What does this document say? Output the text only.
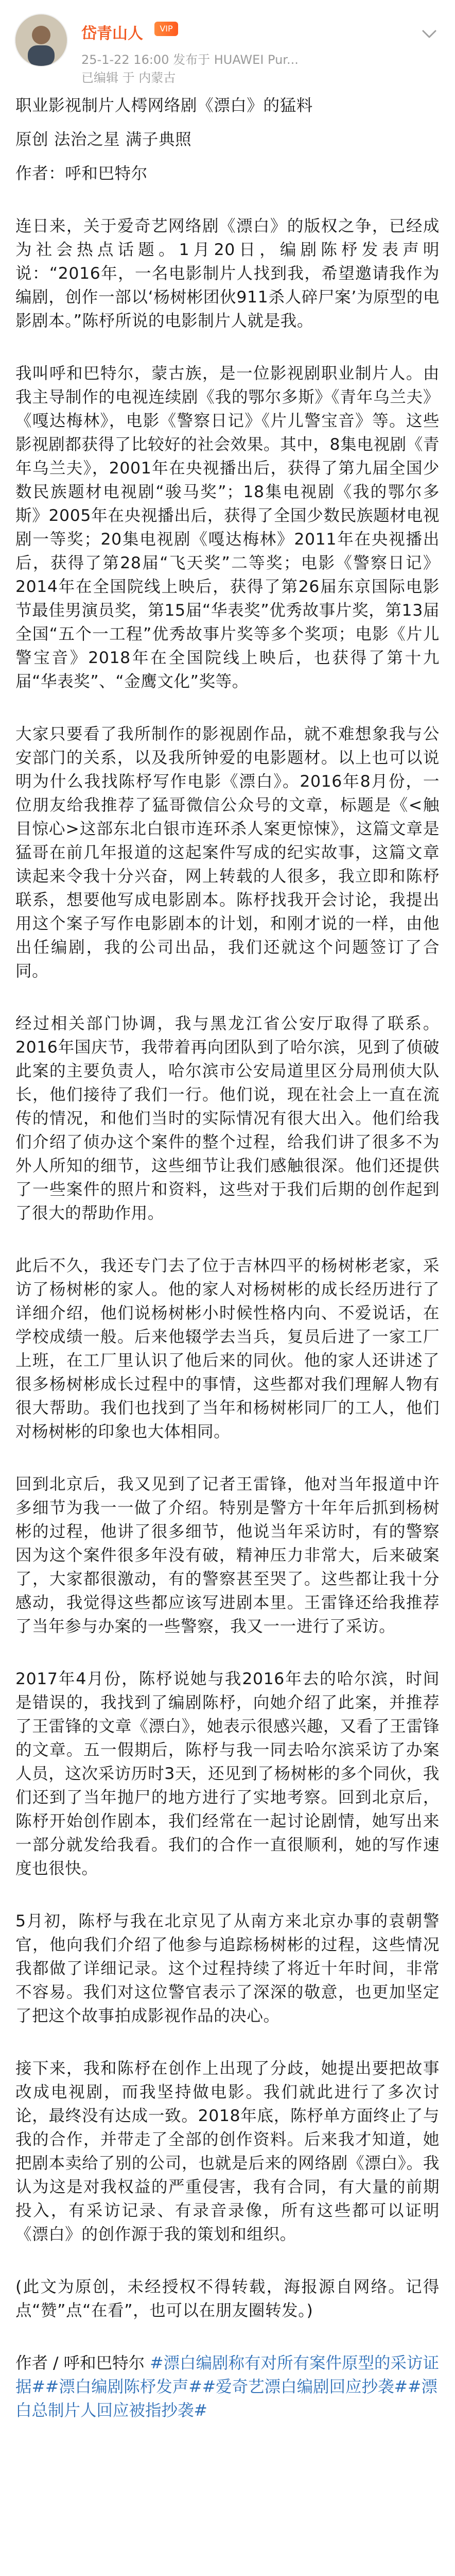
岱青山人	VIP
25-1-22 16:00 发布于 HUAWEI Pur...
已编辑 于 内蒙古

职业影视制片人樗网络剧《漂白》的猛料

原创 法治之星 满子典照

作者：呼和巴特尔

连日来，关于爱奇艺网络剧《漂白》的版权之争，已经成为社会热点话题。1月20日，编剧陈杼发表声明说：“2016年，一名电影制片人找到我，希望邀请我作为编剧，创作一部以‘杨树彬团伙911杀人碎尸案’为原型的电影剧本。”陈杼所说的电影制片人就是我。

我叫呼和巴特尔，蒙古族，是一位影视剧职业制片人。由我主导制作的电视连续剧《我的鄂尔多斯》《青年乌兰夫》《嘎达梅林》，电影《警察日记》《片儿警宝音》等。这些影视剧都获得了比较好的社会效果。其中，8集电视剧《青年乌兰夫》，2001年在央视播出后，获得了第九届全国少数民族题材电视剧“骏马奖”；18集电视剧《我的鄂尔多斯》2005年在央视播出后，获得了全国少数民族题材电视剧一等奖；20集电视剧《嘎达梅林》2011年在央视播出后，获得了第28届“飞天奖”二等奖；电影《警察日记》2014年在全国院线上映后，获得了第26届东京国际电影节最佳男演员奖，第15届“华表奖”优秀故事片奖，第13届全国“五个一工程”优秀故事片奖等多个奖项；电影《片儿警宝音》2018年在全国院线上映后，也获得了第十九届“华表奖”、“金鹰文化”奖等。

大家只要看了我所制作的影视剧作品，就不难想象我与公安部门的关系，以及我所钟爱的电影题材。以上也可以说明为什么我找陈杼写作电影《漂白》。2016年8月份，一位朋友给我推荐了猛哥微信公众号的文章，标题是《<触目惊心>这部东北白银市连环杀人案更惊悚》，这篇文章是猛哥在前几年报道的这起案件写成的纪实故事，这篇文章读起来令我十分兴奋，网上转载的人很多，我立即和陈杼联系，想要他写成电影剧本。陈杼找我开会讨论，我提出用这个案子写作电影剧本的计划，和刚才说的一样，由他出任编剧，我的公司出品，我们还就这个问题签订了合同。

经过相关部门协调，我与黑龙江省公安厅取得了联系。2016年国庆节，我带着再向团队到了哈尔滨，见到了侦破此案的主要负责人，哈尔滨市公安局道里区分局刑侦大队长，他们接待了我们一行。他们说，现在社会上一直在流传的情况，和他们当时的实际情况有很大出入。他们给我们介绍了侦办这个案件的整个过程，给我们讲了很多不为外人所知的细节，这些细节让我们感触很深。他们还提供了一些案件的照片和资料，这些对于我们后期的创作起到了很大的帮助作用。

此后不久，我还专门去了位于吉林四平的杨树彬老家，采访了杨树彬的家人。他的家人对杨树彬的成长经历进行了详细介绍，他们说杨树彬小时候性格内向、不爱说话，在学校成绩一般。后来他辍学去当兵，复员后进了一家工厂上班，在工厂里认识了他后来的同伙。他的家人还讲述了很多杨树彬成长过程中的事情，这些都对我们理解人物有很大帮助。我们也找到了当年和杨树彬同厂的工人，他们对杨树彬的印象也大体相同。

回到北京后，我又见到了记者王雷锋，他对当年报道中许多细节为我一一做了介绍。特别是警方十年年后抓到杨树彬的过程，他讲了很多细节，他说当年采访时，有的警察因为这个案件很多年没有破，精神压力非常大，后来破案了，大家都很激动，有的警察甚至哭了。这些都让我十分感动，我觉得这些都应该写进剧本里。王雷锋还给我推荐了当年参与办案的一些警察，我又一一进行了采访。

2017年4月份，陈杼说她与我2016年去的哈尔滨，时间是错误的，我找到了编剧陈杼，向她介绍了此案，并推荐了王雷锋的文章《漂白》，她表示很感兴趣，又看了王雷锋的文章。五一假期后，陈杼与我一同去哈尔滨采访了办案人员，这次采访历时3天，还见到了杨树彬的多个同伙，我们还到了当年抛尸的地方进行了实地考察。回到北京后，陈杼开始创作剧本，我们经常在一起讨论剧情，她写出来一部分就发给我看。我们的合作一直很顺利，她的写作速度也很快。

5月初，陈杼与我在北京见了从南方来北京办事的袁朝警官，他向我们介绍了他参与追踪杨树彬的过程，这些情况我都做了详细记录。这个过程持续了将近十年时间，非常不容易。我们对这位警官表示了深深的敬意，也更加坚定了把这个故事拍成影视作品的决心。

接下来，我和陈杼在创作上出现了分歧，她提出要把故事改成电视剧，而我坚持做电影。我们就此进行了多次讨论，最终没有达成一致。2018年底，陈杼单方面终止了与我的合作，并带走了全部的创作资料。后来我才知道，她把剧本卖给了别的公司，也就是后来的网络剧《漂白》。我认为这是对我权益的严重侵害，我有合同，有大量的前期投入，有采访记录、有录音录像，所有这些都可以证明《漂白》的创作源于我的策划和组织。

(此文为原创，未经授权不得转载，海报源自网络。记得点“赞”点“在看”，也可以在朋友圈转发。)

作者 / 呼和巴特尔 #漂白编剧称有对所有案件原型的采访证据##漂白编剧陈杼发声##爱奇艺漂白编剧回应抄袭##漂白总制片人回应被指抄袭#
